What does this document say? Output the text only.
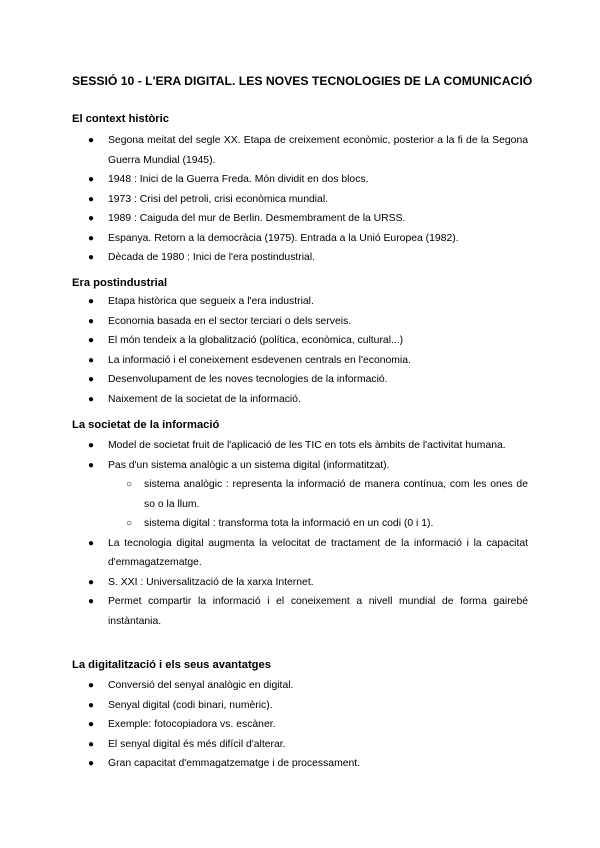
SESSIÓ 10 - L'ERA DIGITAL. LES NOVES TECNOLOGIES DE LA COMUNICACIÓ
El context històric
● Segona meitat del segle XX. Etapa de creixement econòmic, posterior a la fi de la Segona Guerra Mundial (1945).
● 1948 : Inici de la Guerra Freda. Món dividit en dos blocs.
● 1973 : Crisi del petroli, crisi econòmica mundial.
● 1989 : Caiguda del mur de Berlin. Desmembrament de la URSS.
● Espanya. Retorn a la democràcia (1975). Entrada a la Unió Europea (1982).
● Dècada de 1980 : Inici de l'era postindustrial.
Era postindustrial
● Etapa històrica que segueix a l'era industrial.
● Economia basada en el sector terciari o dels serveis.
● El món tendeix a la globalització (política, econòmica, cultural...)
● La informació i el coneixement esdevenen centrals en l'economia.
● Desenvolupament de les noves tecnologies de la informació.
● Naixement de la societat de la informació.
La societat de la informació
● Model de societat fruit de l'aplicació de les TIC en tots els àmbits de l'activitat humana.
● Pas d'un sistema analògic a un sistema digital (informatitzat).
○ sistema analògic : representa la informació de manera contínua, com les ones de so o la llum.
○ sistema digital : transforma tota la informació en un codi (0 i 1).
● La tecnologia digital augmenta la velocitat de tractament de la informació i la capacitat d'emmagatzematge.
● S. XXI : Universalització de la xarxa Internet.
● Permet compartir la informació i el coneixement a nivell mundial de forma gairebé instàntania.
La digitalització i els seus avantatges
● Conversió del senyal analògic en digital.
● Senyal digital (codi binari, numèric).
● Exemple: fotocopiadora vs. escàner.
● El senyal digital és més difícil d'alterar.
● Gran capacitat d'emmagatzematge i de processament.
